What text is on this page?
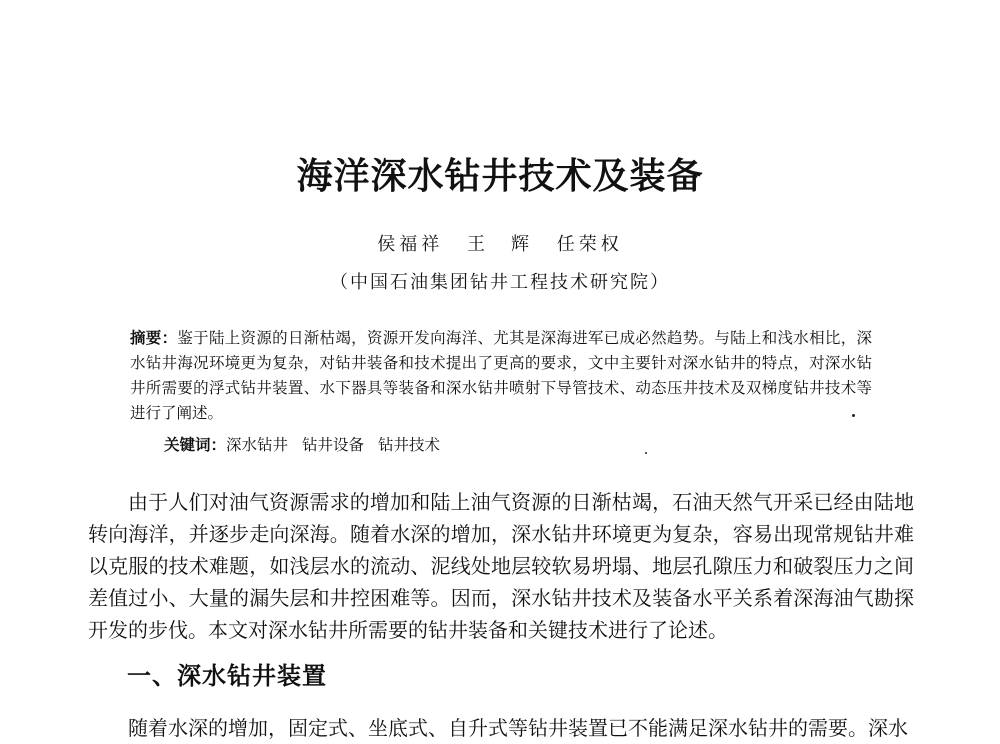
海洋深水钻井技术及装备
侯福祥 王　辉 任荣权
（中国石油集团钻井工程技术研究院）

摘要：鉴于陆上资源的日渐枯竭，资源开发向海洋、尤其是深海进军已成必然趋势。与陆上和浅水相比，深水钻井海况环境更为复杂，对钻井装备和技术提出了更高的要求，文中主要针对深水钻井的特点，对深水钻井所需要的浮式钻井装置、水下器具等装备和深水钻井喷射下导管技术、动态压井技术及双梯度钻井技术等进行了阐述。

关键词：深水钻井 钻井设备 钻井技术

由于人们对油气资源需求的增加和陆上油气资源的日渐枯竭，石油天然气开采已经由陆地转向海洋，并逐步走向深海。随着水深的增加，深水钻井环境更为复杂，容易出现常规钻井难以克服的技术难题，如浅层水的流动、泥线处地层较软易坍塌、地层孔隙压力和破裂压力之间差值过小、大量的漏失层和井控困难等。因而，深水钻井技术及装备水平关系着深海油气勘探开发的步伐。本文对深水钻井所需要的钻井装备和关键技术进行了论述。

一、深水钻井装置
随着水深的增加，固定式、坐底式、自升式等钻井装置已不能满足深水钻井的需要。深水
